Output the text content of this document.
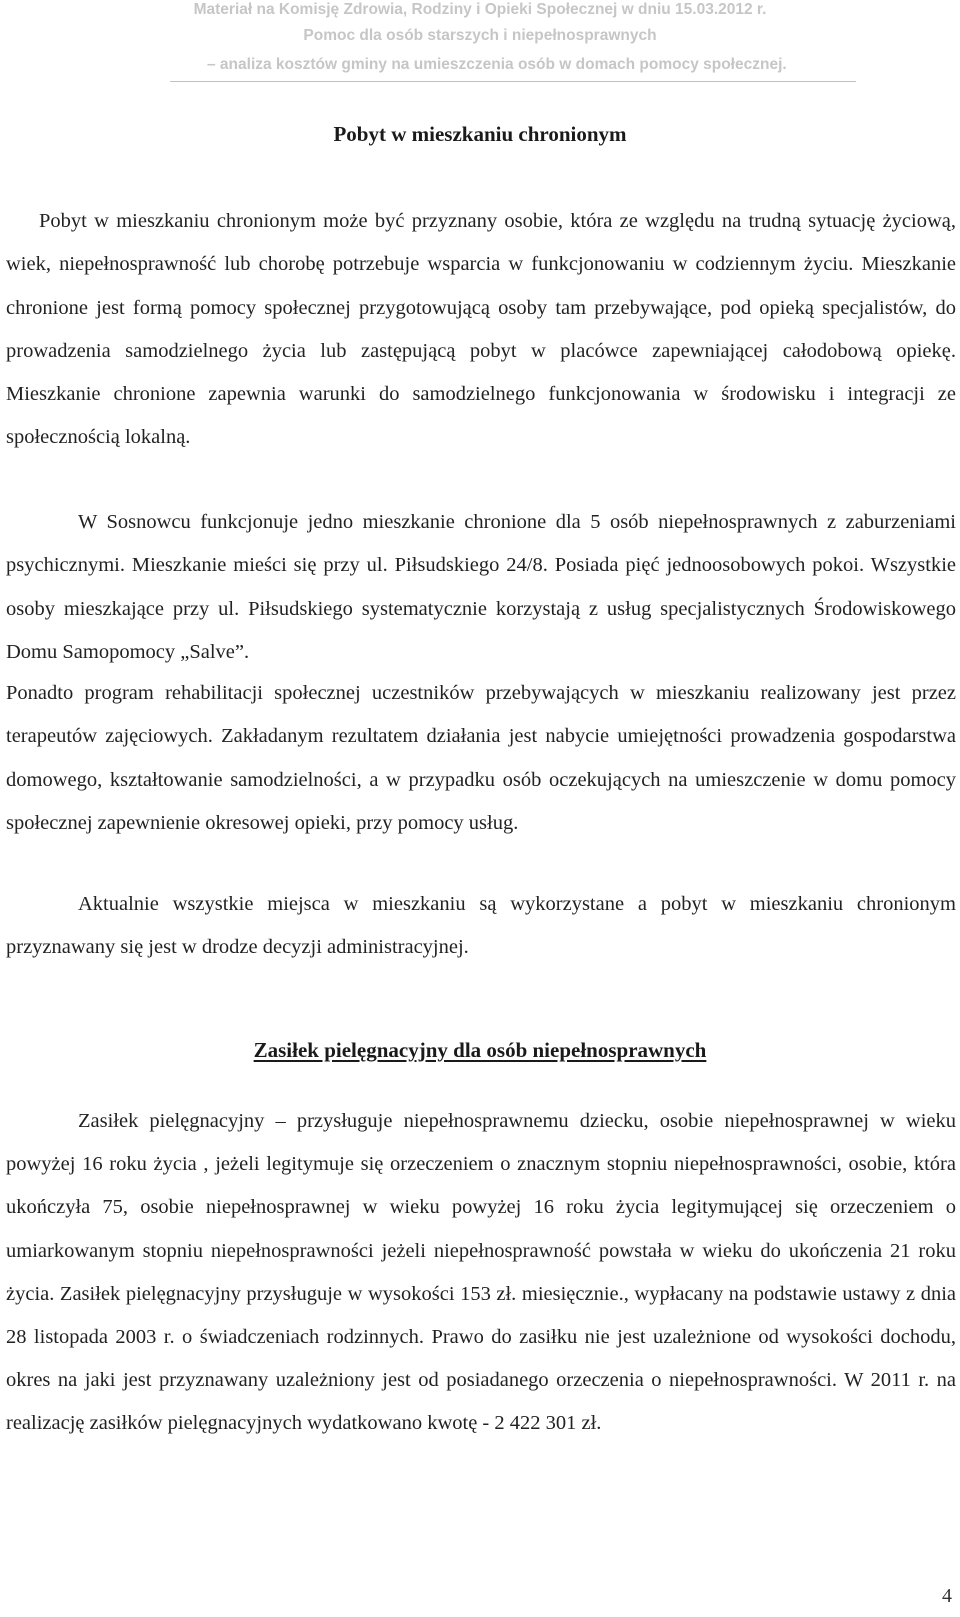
Materiał na Komisję Zdrowia, Rodziny i Opieki Społecznej w dniu 15.03.2012 r.
Pomoc dla osób starszych i niepełnosprawnych
– analiza kosztów gminy na umieszczenia osób w domach pomocy społecznej.
Pobyt w mieszkaniu chronionym

Pobyt w mieszkaniu chronionym może być przyznany osobie, która ze względu na trudną sytuację życiową, wiek, niepełnosprawność lub chorobę potrzebuje wsparcia w funkcjonowaniu w codziennym życiu. Mieszkanie chronione jest formą pomocy społecznej przygotowującą osoby tam przebywające, pod opieką specjalistów, do prowadzenia samodzielnego życia lub zastępującą pobyt w placówce zapewniającej całodobową opiekę. Mieszkanie chronione zapewnia warunki do samodzielnego funkcjonowania w środowisku i integracji ze społecznością lokalną.

W Sosnowcu funkcjonuje jedno mieszkanie chronione dla 5 osób niepełnosprawnych z zaburzeniami psychicznymi. Mieszkanie mieści się przy ul. Piłsudskiego 24/8. Posiada pięć jednoosobowych pokoi. Wszystkie osoby mieszkające przy ul. Piłsudskiego systematycznie korzystają z usług specjalistycznych Środowiskowego Domu Samopomocy „Salve”.

Ponadto program rehabilitacji społecznej uczestników przebywających w mieszkaniu realizowany jest przez terapeutów zajęciowych. Zakładanym rezultatem działania jest nabycie umiejętności prowadzenia gospodarstwa domowego, kształtowanie samodzielności, a w przypadku osób oczekujących na umieszczenie w domu pomocy społecznej zapewnienie okresowej opieki, przy pomocy usług.

Aktualnie wszystkie miejsca w mieszkaniu są wykorzystane a pobyt w mieszkaniu chronionym przyznawany się jest w drodze decyzji administracyjnej.

Zasiłek pielęgnacyjny dla osób niepełnosprawnych

Zasiłek pielęgnacyjny – przysługuje niepełnosprawnemu dziecku, osobie niepełnosprawnej w wieku powyżej 16 roku życia , jeżeli legitymuje się orzeczeniem o znacznym stopniu niepełnosprawności, osobie, która ukończyła 75, osobie niepełnosprawnej w wieku powyżej 16 roku życia legitymującej się orzeczeniem o umiarkowanym stopniu niepełnosprawności jeżeli niepełnosprawność powstała w wieku do ukończenia 21 roku życia. Zasiłek pielęgnacyjny przysługuje w wysokości 153 zł. miesięcznie., wypłacany na podstawie ustawy z dnia 28 listopada 2003 r. o świadczeniach rodzinnych. Prawo do zasiłku nie jest uzależnione od wysokości dochodu, okres na jaki jest przyznawany uzależniony jest od posiadanego orzeczenia o niepełnosprawności. W 2011 r. na realizację zasiłków pielęgnacyjnych wydatkowano kwotę - 2 422 301 zł.

4
